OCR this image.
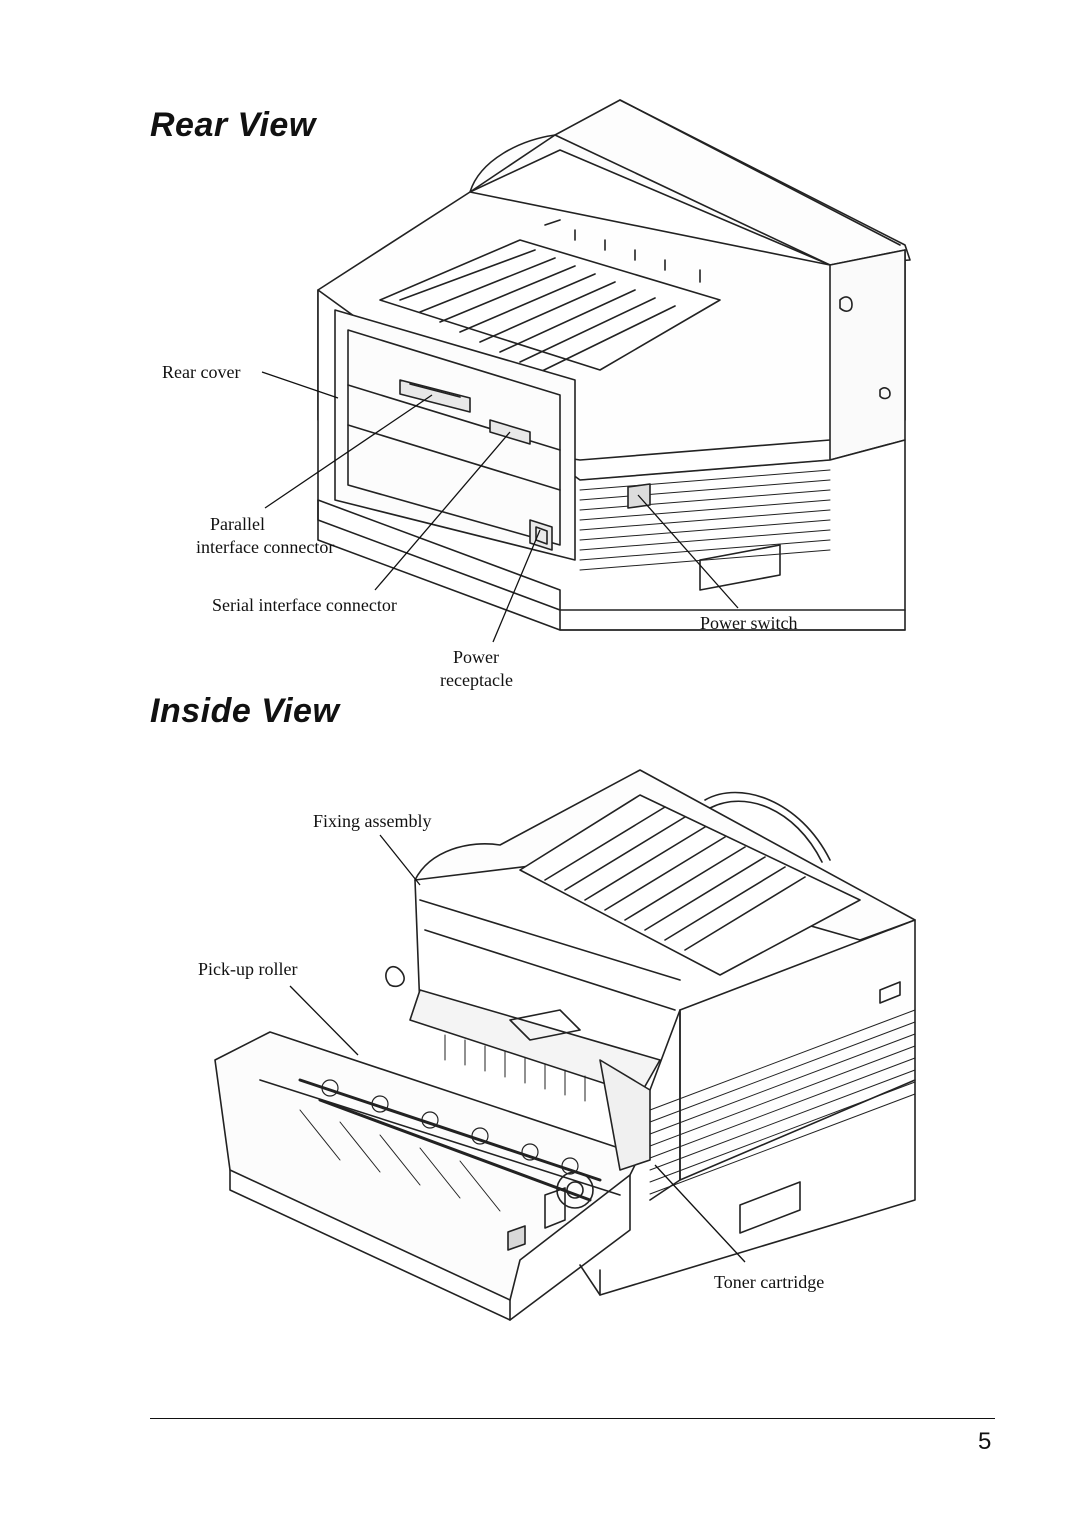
Rear View
Inside View
Rear cover
Parallel
interface connector
Serial interface connector
Power
receptacle
Power switch
Fixing assembly
Pick-up roller
Toner cartridge
5
